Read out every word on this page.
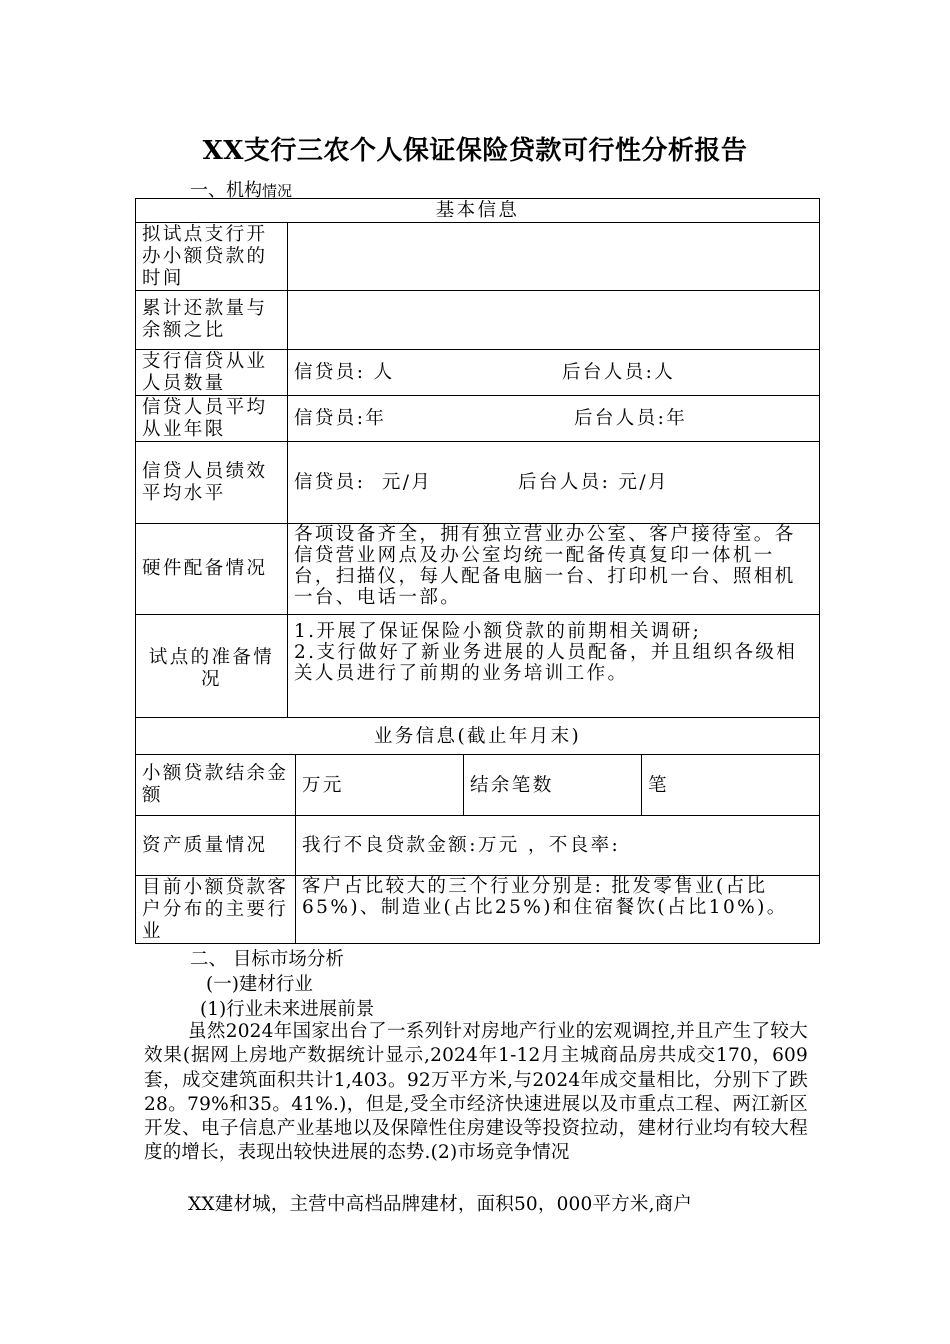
XX支行三农个人保证保险贷款可行性分析报告
一、机构情况
基本信息				
拟试点支行开办小额贷款的时间				
累计还款量与余额之比				
支行信贷从业人员数量	信贷员: 人 后台人员:人			
信贷人员平均从业年限	信贷员:年 后台人员:年			
信贷人员绩效平均水平	信贷员:  元/月 后台人员: 元/月			
硬件配备情况	各项设备齐全，拥有独立营业办公室、客户接待室。各信贷营业网点及办公室均统一配备传真复印一体机一台，扫描仪，每人配备电脑一台、打印机一台、照相机一台、电话一部。			
试点的准备情况	1.开展了保证保险小额贷款的前期相关调研;
2.支行做好了新业务进展的人员配备，并且组织各级相关人员进行了前期的业务培训工作。			

业务信息(截止年月末)				
小额贷款结余金额		万元	结余笔数	笔
资产质量情况		我行不良贷款金额:万元 ，不良率:		
目前小额贷款客户分布的主要行业		客户占比较大的三个行业分别是: 批发零售业(占比65%)、制造业(占比25%)和住宿餐饮(占比10%)。		
二、 目标市场分析
(一)建材行业
(1)行业未来进展前景
虽然2024年国家出台了一系列针对房地产行业的宏观调控,并且产生了较大效果(据网上房地产数据统计显示,2024年1-12月主城商品房共成交170，609套，成交建筑面积共计1,403。92万平方米,与2024年成交量相比，分别下了跌28。79%和35。41%.)，但是,受全市经济快速进展以及市重点工程、两江新区开发、电子信息产业基地以及保障性住房建设等投资拉动，建材行业均有较大程度的增长，表现出较快进展的态势.(2)市场竞争情况
XX建材城，主营中高档品牌建材，面积50，000平方米,商户
